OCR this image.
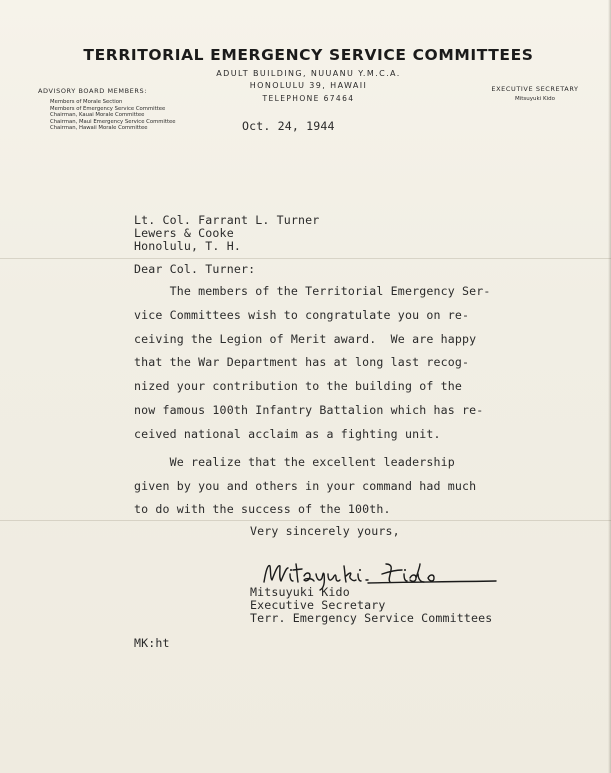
TERRITORIAL EMERGENCY SERVICE COMMITTEES
ADULT BUILDING, NUUANU Y.M.C.A.
HONOLULU 39, HAWAII
TELEPHONE 67464
ADVISORY BOARD MEMBERS:
Members of Morale Section
Members of Emergency Service Committee
Chairman, Kauai Morale Committee
Chairman, Maui Emergency Service Committee
Chairman, Hawaii Morale Committee
EXECUTIVE SECRETARY
Mitsuyuki Kido
Oct. 24, 1944
Lt. Col. Farrant L. Turner
Lewers & Cooke
Honolulu, T. H.
Dear Col. Turner:
The members of the Territorial Emergency Ser-
vice Committees wish to congratulate you on re-
ceiving the Legion of Merit award.  We are happy
that the War Department has at long last recog-
nized your contribution to the building of the
now famous 100th Infantry Battalion which has re-
ceived national acclaim as a fighting unit.
We realize that the excellent leadership
given by you and others in your command had much
to do with the success of the 100th.
Very sincerely yours,
Mitsuyuki Kido
Executive Secretary
Terr. Emergency Service Committees
MK:ht
